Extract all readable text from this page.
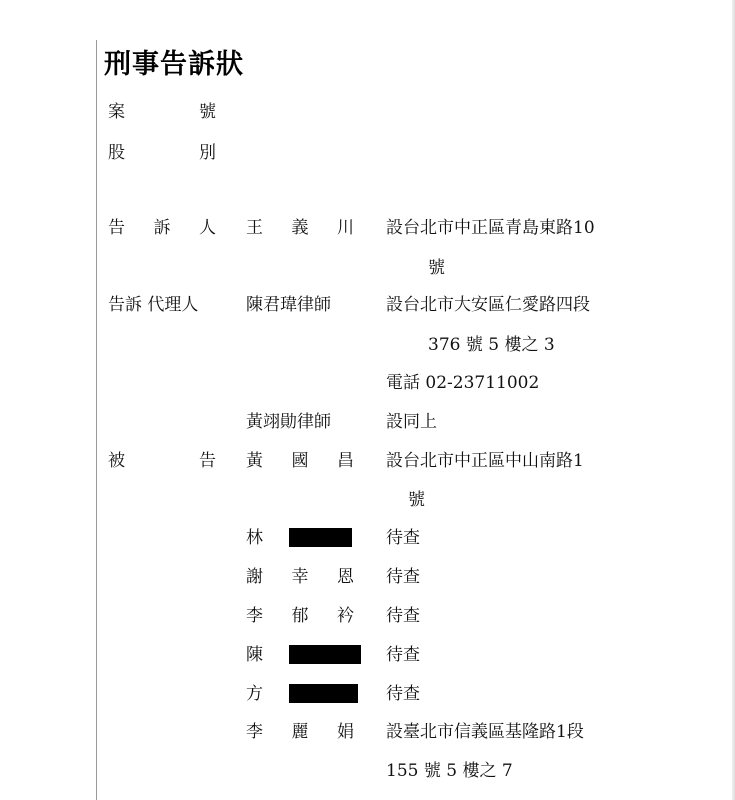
刑事告訴狀
案	號
股	別
告 訴 人 王 義 川 設台北市中正區青島東路10
號
告訴 代理人	陳君瑋律師	設台北市大安區仁愛路四段
376 號 5 樓之 3
電話 02-23711002
黃翊勛律師	設同上
被	告 黃 國 昌 設台北市中正區中山南路1
號
林	待查
謝 幸 恩 待查
李 郁 衿 待查
陳	待查
方	待查
李 麗 娟 設臺北市信義區基隆路1段
155 號 5 樓之 7
